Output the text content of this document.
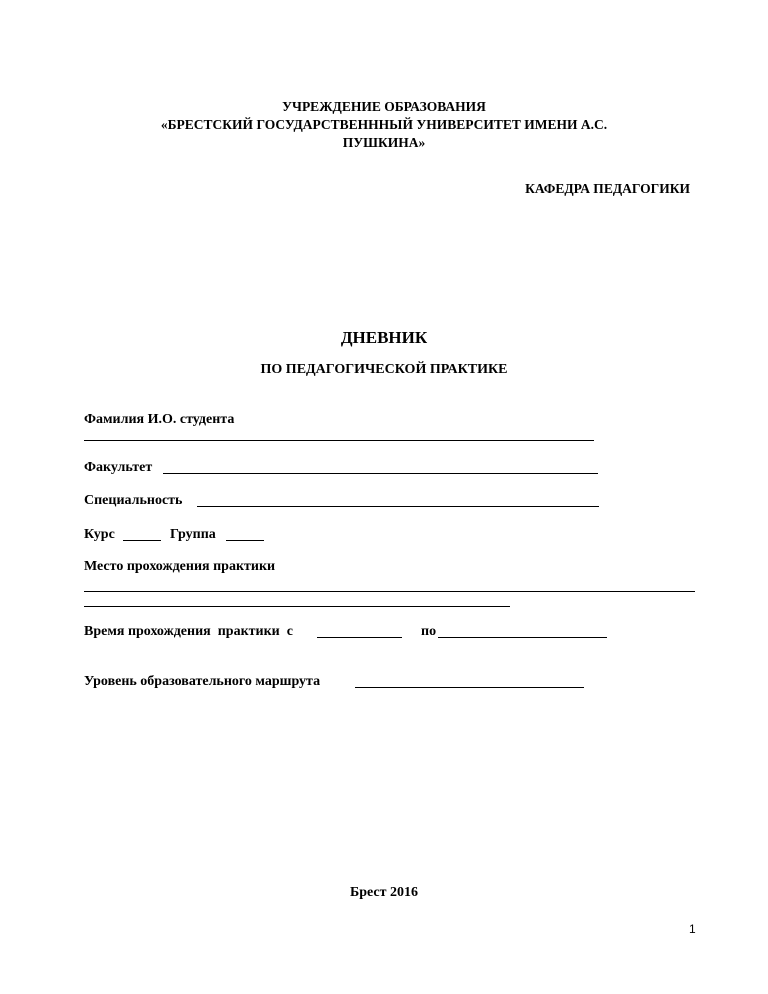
УЧРЕЖДЕНИЕ ОБРАЗОВАНИЯ
«БРЕСТСКИЙ ГОСУДАРСТВЕНННЫЙ УНИВЕРСИТЕТ ИМЕНИ А.С.
ПУШКИНА»
КАФЕДРА ПЕДАГОГИКИ
ДНЕВНИК
ПО ПЕДАГОГИЧЕСКОЙ ПРАКТИКЕ
Фамилия И.О. студента
Факультет
Специальность
Курс	Группа
Место прохождения практики
Время прохождения  практики  с	по
Уровень образовательного маршрута
Брест 2016
1
